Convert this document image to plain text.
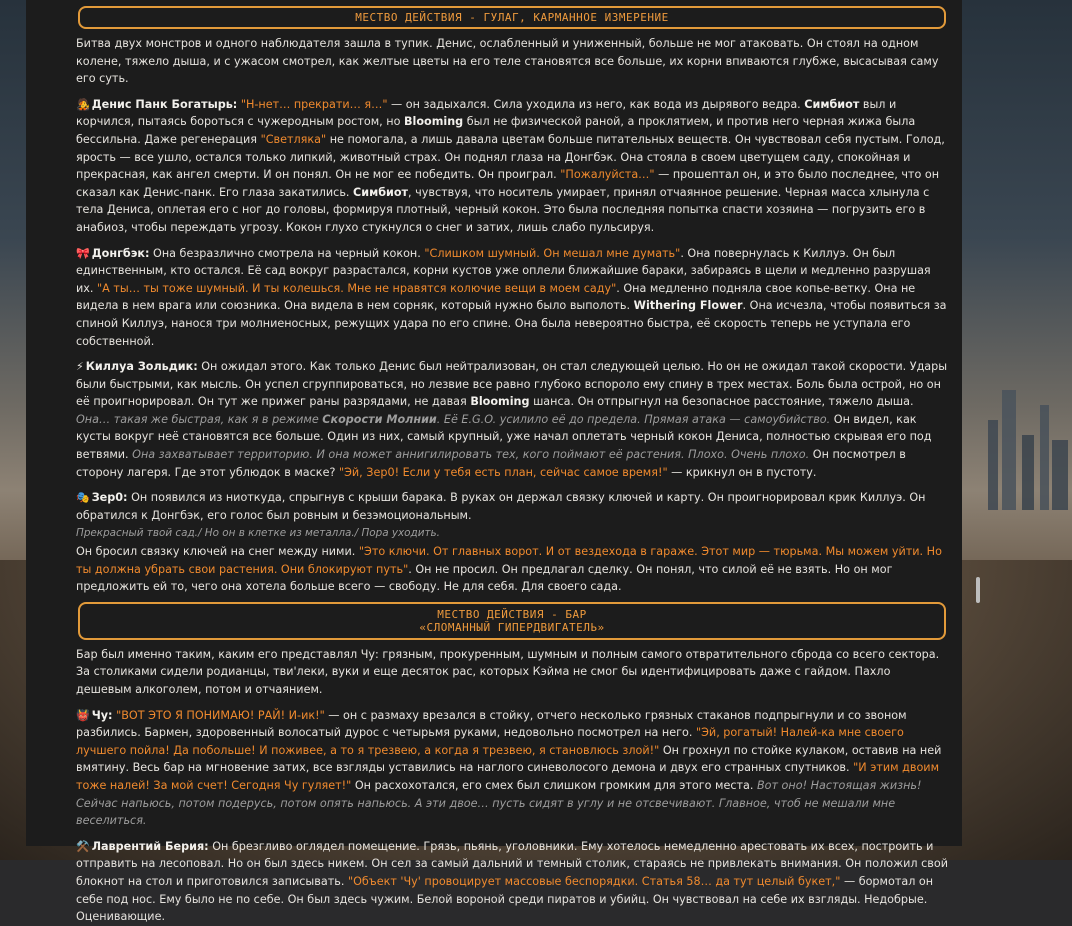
МЕСТВО ДЕЙСТВИЯ - ГУЛАГ, КАРМАННОЕ ИЗМЕРЕНИЕ

Битва двух монстров и одного наблюдателя зашла в тупик. Денис, ослабленный и униженный, больше не мог атаковать. Он стоял на одном колене, тяжело дыша, и с ужасом смотрел, как желтые цветы на его теле становятся все больше, их корни впиваются глубже, высасывая саму его суть.

🧑‍🎤 Денис Панк Богатырь: "Н-нет… прекрати… я…" — он задыхался. Сила уходила из него, как вода из дырявого ведра. Симбиот выл и корчился, пытаясь бороться с чужеродным ростом, но Blooming был не физической раной, а проклятием, и против него черная жижа была бессильна. Даже регенерация "Светляка" не помогала, а лишь давала цветам больше питательных веществ. Он чувствовал себя пустым. Голод, ярость — все ушло, остался только липкий, животный страх. Он поднял глаза на Донгбэк. Она стояла в своем цветущем саду, спокойная и прекрасная, как ангел смерти. И он понял. Он не мог ее победить. Он проиграл. "Пожалуйста…" — прошептал он, и это было последнее, что он сказал как Денис-панк. Его глаза закатились. Симбиот, чувствуя, что носитель умирает, принял отчаянное решение. Черная масса хлынула с тела Дениса, оплетая его с ног до головы, формируя плотный, черный кокон. Это была последняя попытка спасти хозяина — погрузить его в анабиоз, чтобы переждать угрозу. Кокон глухо стукнулся о снег и затих, лишь слабо пульсируя.

🎀 Донгбэк: Она безразлично смотрела на черный кокон. "Слишком шумный. Он мешал мне думать". Она повернулась к Киллуэ. Он был единственным, кто остался. Её сад вокруг разрастался, корни кустов уже оплели ближайшие бараки, забираясь в щели и медленно разрушая их. "А ты… ты тоже шумный. И ты колешься. Мне не нравятся колючие вещи в моем саду". Она медленно подняла свое копье-ветку. Она не видела в нем врага или союзника. Она видела в нем сорняк, который нужно было выполоть. Withering Flower. Она исчезла, чтобы появиться за спиной Киллуэ, нанося три молниеносных, режущих удара по его спине. Она была невероятно быстра, её скорость теперь не уступала его собственной.

⚡ Киллуа Зольдик: Он ожидал этого. Как только Денис был нейтрализован, он стал следующей целью. Но он не ожидал такой скорости. Удары были быстрыми, как мысль. Он успел сгруппироваться, но лезвие все равно глубоко вспороло ему спину в трех местах. Боль была острой, но он её проигнорировал. Он тут же прижег раны разрядами, не давая Blooming шанса. Он отпрыгнул на безопасное расстояние, тяжело дыша. Она… такая же быстрая, как я в режиме Скорости Молнии. Её E.G.O. усилило её до предела. Прямая атака — самоубийство. Он видел, как кусты вокруг неё становятся все больше. Один из них, самый крупный, уже начал оплетать черный кокон Дениса, полностью скрывая его под ветвями. Она захватывает территорию. И она может аннигилировать тех, кого поймают её растения. Плохо. Очень плохо. Он посмотрел в сторону лагеря. Где этот ублюдок в маске? "Эй, Зер0! Если у тебя есть план, сейчас самое время!" — крикнул он в пустоту.

🎭 Зер0: Он появился из ниоткуда, спрыгнув с крыши барака. В руках он держал связку ключей и карту. Он проигнорировал крик Киллуэ. Он обратился к Донгбэк, его голос был ровным и безэмоциональным.
Прекрасный твой сад./ Но он в клетке из металла./ Пора уходить.
Он бросил связку ключей на снег между ними. "Это ключи. От главных ворот. И от вездехода в гараже. Этот мир — тюрьма. Мы можем уйти. Но ты должна убрать свои растения. Они блокируют путь". Он не просил. Он предлагал сделку. Он понял, что силой её не взять. Но он мог предложить ей то, чего она хотела больше всего — свободу. Не для себя. Для своего сада.

МЕСТВО ДЕЙСТВИЯ - БАР
«СЛОМАННЫЙ ГИПЕРДВИГАТЕЛЬ»

Бар был именно таким, каким его представлял Чу: грязным, прокуренным, шумным и полным самого отвратительного сброда со всего сектора. За столиками сидели родианцы, тви'леки, вуки и еще десяток рас, которых Кэйма не смог бы идентифицировать даже с гайдом. Пахло дешевым алкоголем, потом и отчаянием.

👹 Чу: "ВОТ ЭТО Я ПОНИМАЮ! РАЙ! И-ик!" — он с размаху врезался в стойку, отчего несколько грязных стаканов подпрыгнули и со звоном разбились. Бармен, здоровенный волосатый дурос с четырьмя руками, недовольно посмотрел на него. "Эй, рогатый! Налей-ка мне своего лучшего пойла! Да побольше! И поживее, а то я трезвею, а когда я трезвею, я становлюсь злой!" Он грохнул по стойке кулаком, оставив на ней вмятину. Весь бар на мгновение затих, все взгляды уставились на наглого синеволосого демона и двух его странных спутников. "И этим двоим тоже налей! За мой счет! Сегодня Чу гуляет!" Он расхохотался, его смех был слишком громким для этого места. Вот оно! Настоящая жизнь! Сейчас напьюсь, потом подерусь, потом опять напьюсь. А эти двое… пусть сидят в углу и не отсвечивают. Главное, чтоб не мешали мне веселиться.

⚒️ Лаврентий Берия: Он брезгливо оглядел помещение. Грязь, пьянь, уголовники. Ему хотелось немедленно арестовать их всех, построить и отправить на лесоповал. Но он был здесь никем. Он сел за самый дальний и темный столик, стараясь не привлекать внимания. Он положил свой блокнот на стол и приготовился записывать. "Объект 'Чу' провоцирует массовые беспорядки. Статья 58… да тут целый букет," — бормотал он себе под нос. Ему было не по себе. Он был здесь чужим. Белой вороной среди пиратов и убийц. Он чувствовал на себе их взгляды. Недобрые. Оценивающие.
